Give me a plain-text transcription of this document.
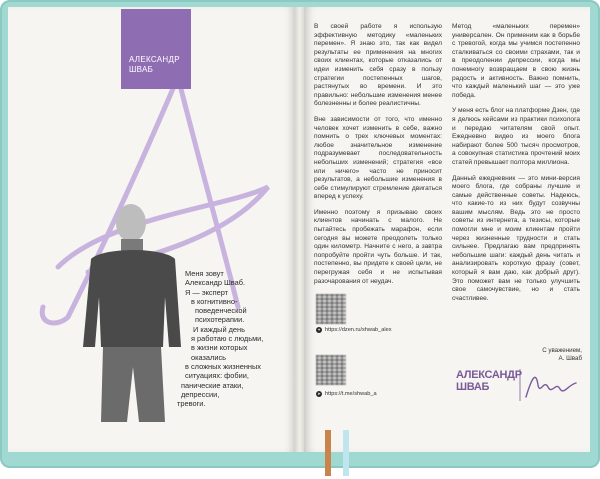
АЛЕКСАНДР
ШВАБ
Меня зовут
Александр Шваб.
Я — эксперт
в когнитивно-
поведенческой
психотерапии.
И каждый день
я работаю с людьми,
в жизни которых
оказались
в сложных жизненных
ситуациях: фобии,
панические атаки,
депрессии,
тревоги.

В своей работе я использую эффективную методику «маленьких перемен». Я знаю это, так как видел результаты ее применения на многих своих клиентах, которые отказались от идеи изменить себя сразу в пользу стратегии постепенных шагов, растянутых во времени. И это правильно: небольшие изменения менее болезненны и более реалистичны.

Вне зависимости от того, что именно человек хочет изменить в себе, важно помнить о трех ключевых моментах: любое значительное изменение подразумевает последовательность небольших изменений; стратегия «все или ничего» часто не приносит результатов, а небольшие изменения в себе стимулируют стремление двигаться вперед к успеху.

Именно поэтому я призываю своих клиентов начинать с малого. Не пытайтесь пробежать марафон, если сегодня вы можете преодолеть только один километр. Начните с него, а завтра попробуйте пройти чуть больше. И так, постепенно, вы придете к своей цели, не перегружая себя и не испытывая разочарования от неудач.

Метод «маленьких перемен» универсален. Он применим как в борьбе с тревогой, когда мы учимся постепенно сталкиваться со своими страхами, так и в преодолении депрессии, когда мы понемногу возвращаем в свою жизнь радость и активность. Важно помнить, что каждый маленький шаг — это уже победа.

У меня есть блог на платформе Дзен, где я делюсь кейсами из практики психолога и передаю читателям свой опыт. Ежедневно видео из моего блога набирают более 500 тысяч просмотров, а совокупная статистика прочтений моих статей превышает полтора миллиона.

Данный ежедневник — это мини-версия моего блога, где собраны лучшие и самые действенные советы. Надеюсь, что какие-то из них будут созвучны вашим мыслям. Ведь это не просто советы из интернета, а тезисы, которые помогли мне и моим клиентам пройти через жизненные трудности и стать сильнее. Предлагаю вам предпринять небольшие шаги: каждый день читать и анализировать короткую фразу (совет, который я вам даю, как добрый друг). Это поможет вам не только улучшить свое самочувствие, но и стать счастливее.

✦ https://dzen.ru/shwab_alex
➤ https://t.me/shwab_a
С уважением,
А. Шваб
АЛЕКСАНДР
ШВАБ
